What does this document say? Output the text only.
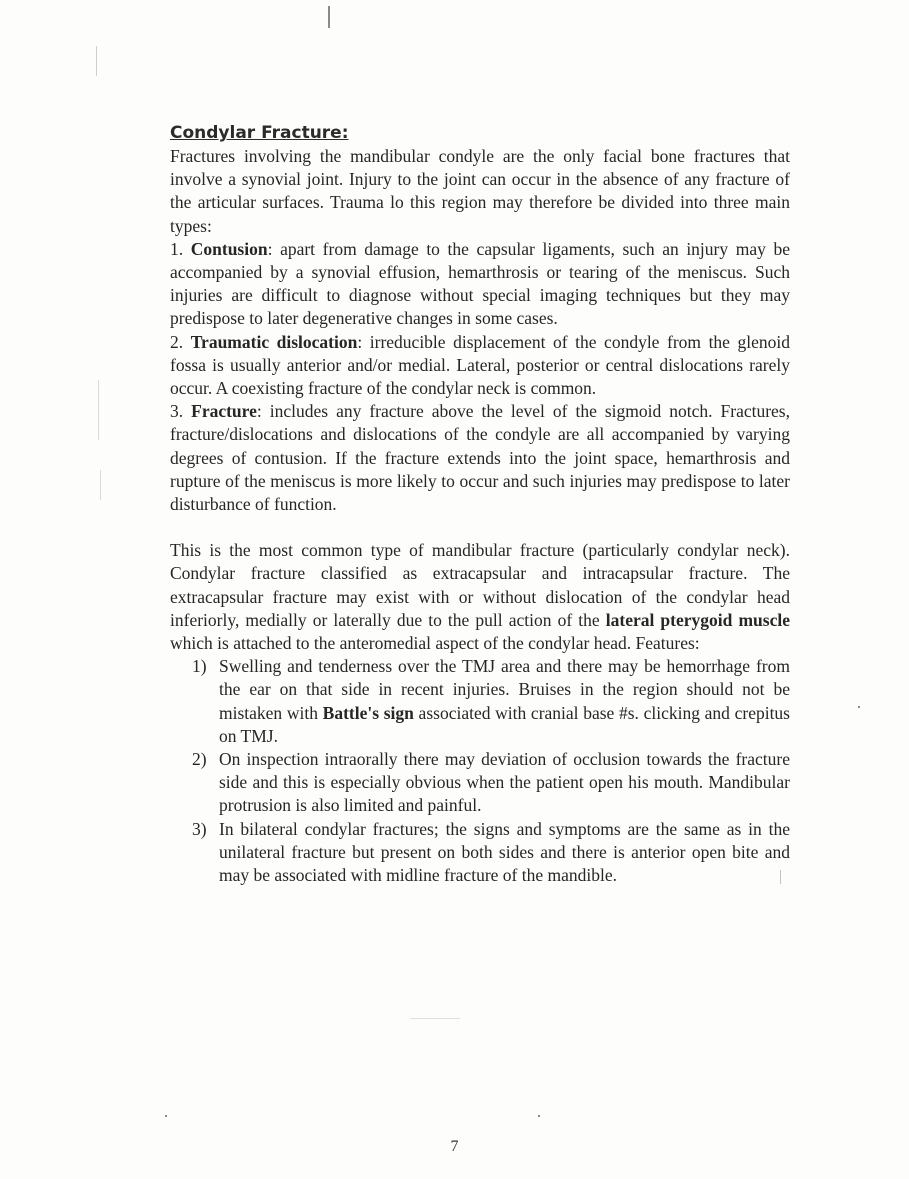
Condylar Fracture:

Fractures involving the mandibular condyle are the only facial bone fractures that involve a synovial joint. Injury to the joint can occur in the absence of any fracture of the articular surfaces. Trauma lo this region may therefore be divided into three main types:

1. Contusion: apart from damage to the capsular ligaments, such an injury may be accompanied by a synovial effusion, hemarthrosis or tearing of the meniscus. Such injuries are difficult to diagnose without special imaging techniques but they may predispose to later degenerative changes in some cases.

2. Traumatic dislocation: irreducible displacement of the condyle from the glenoid fossa is usually anterior and/or medial. Lateral, posterior or central dislocations rarely occur. A coexisting fracture of the condylar neck is common.

3. Fracture: includes any fracture above the level of the sigmoid notch. Fractures, fracture/dislocations and dislocations of the condyle are all accompanied by varying degrees of contusion. If the fracture extends into the joint space, hemarthrosis and rupture of the meniscus is more likely to occur and such injuries may predispose to later disturbance of function.

This is the most common type of mandibular fracture (particularly condylar neck). Condylar fracture classified as extracapsular and intracapsular fracture. The extracapsular fracture may exist with or without dislocation of the condylar head inferiorly, medially or laterally due to the pull action of the lateral pterygoid muscle which is attached to the anteromedial aspect of the condylar head. Features:

1) Swelling and tenderness over the TMJ area and there may be hemorrhage from the ear on that side in recent injuries. Bruises in the region should not be mistaken with Battle's sign associated with cranial base #s. clicking and crepitus on TMJ.
2) On inspection intraorally there may deviation of occlusion towards the fracture side and this is especially obvious when the patient open his mouth. Mandibular protrusion is also limited and painful.
3) In bilateral condylar fractures; the signs and symptoms are the same as in the unilateral fracture but present on both sides and there is anterior open bite and may be associated with midline fracture of the mandible.
7
